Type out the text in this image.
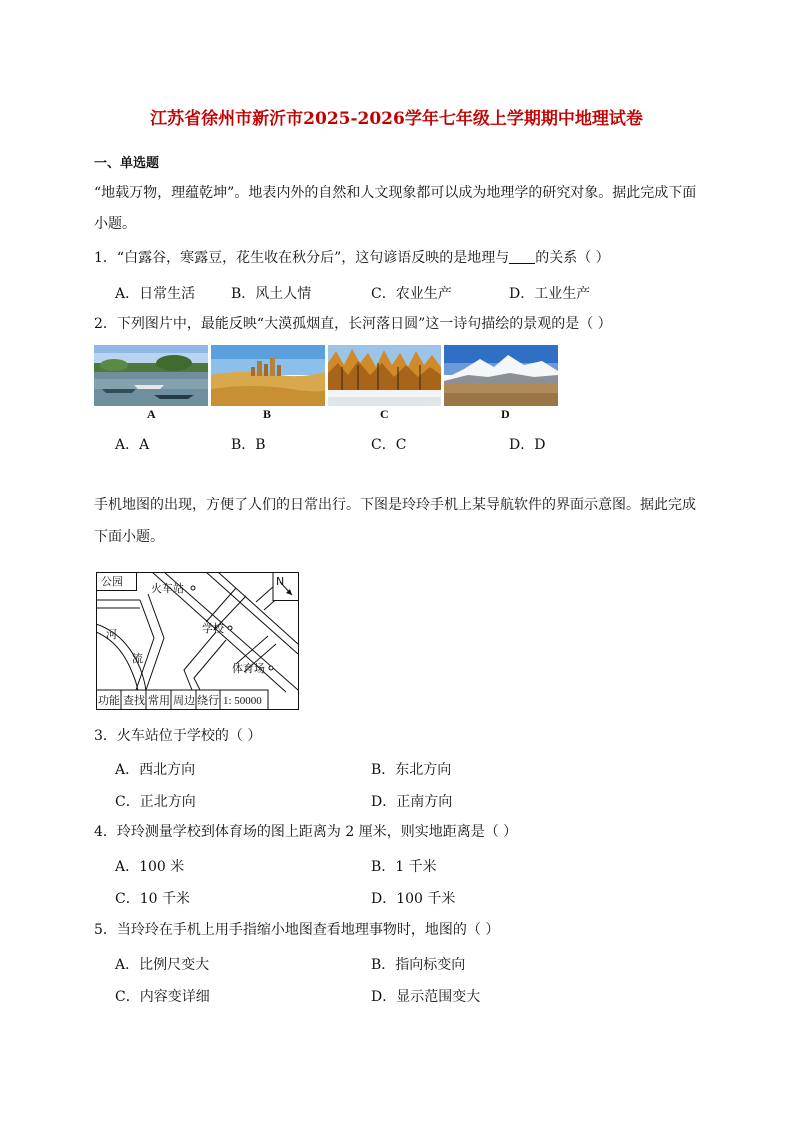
江苏省徐州市新沂市2025-2026学年七年级上学期期中地理试卷
一、单选题
“地载万物，理蕴乾坤”。地表内外的自然和人文现象都可以成为地理学的研究对象。据此完成下面
小题。
1．“白露谷，寒露豆，花生收在秋分后”，这句谚语反映的是地理与 的关系（ ）
A．日常生活	B．风土人情	C．农业生产	D．工业生产
2．下列图片中，最能反映“大漠孤烟直，长河落日圆”这一诗句描绘的景观的是（ ）
A	B	C	D
A．A	B．B	C．C	D．D
手机地图的出现，方便了人们的日常出行。下图是玲玲手机上某导航软件的界面示意图。据此完成
下面小题。
N
公园
火车站
学校
体育场
河
流
功能 查找 常用 周边 绕行 1: 50000
3．火车站位于学校的（ ）
A．西北方向	B．东北方向
C．正北方向	D．正南方向
4．玲玲测量学校到体育场的图上距离为 2 厘米，则实地距离是（ ）
A．100 米	B．1 千米
C．10 千米	D．100 千米
5．当玲玲在手机上用手指缩小地图查看地理事物时，地图的（ ）
A．比例尺变大	B．指向标变向
C．内容变详细	D．显示范围变大
